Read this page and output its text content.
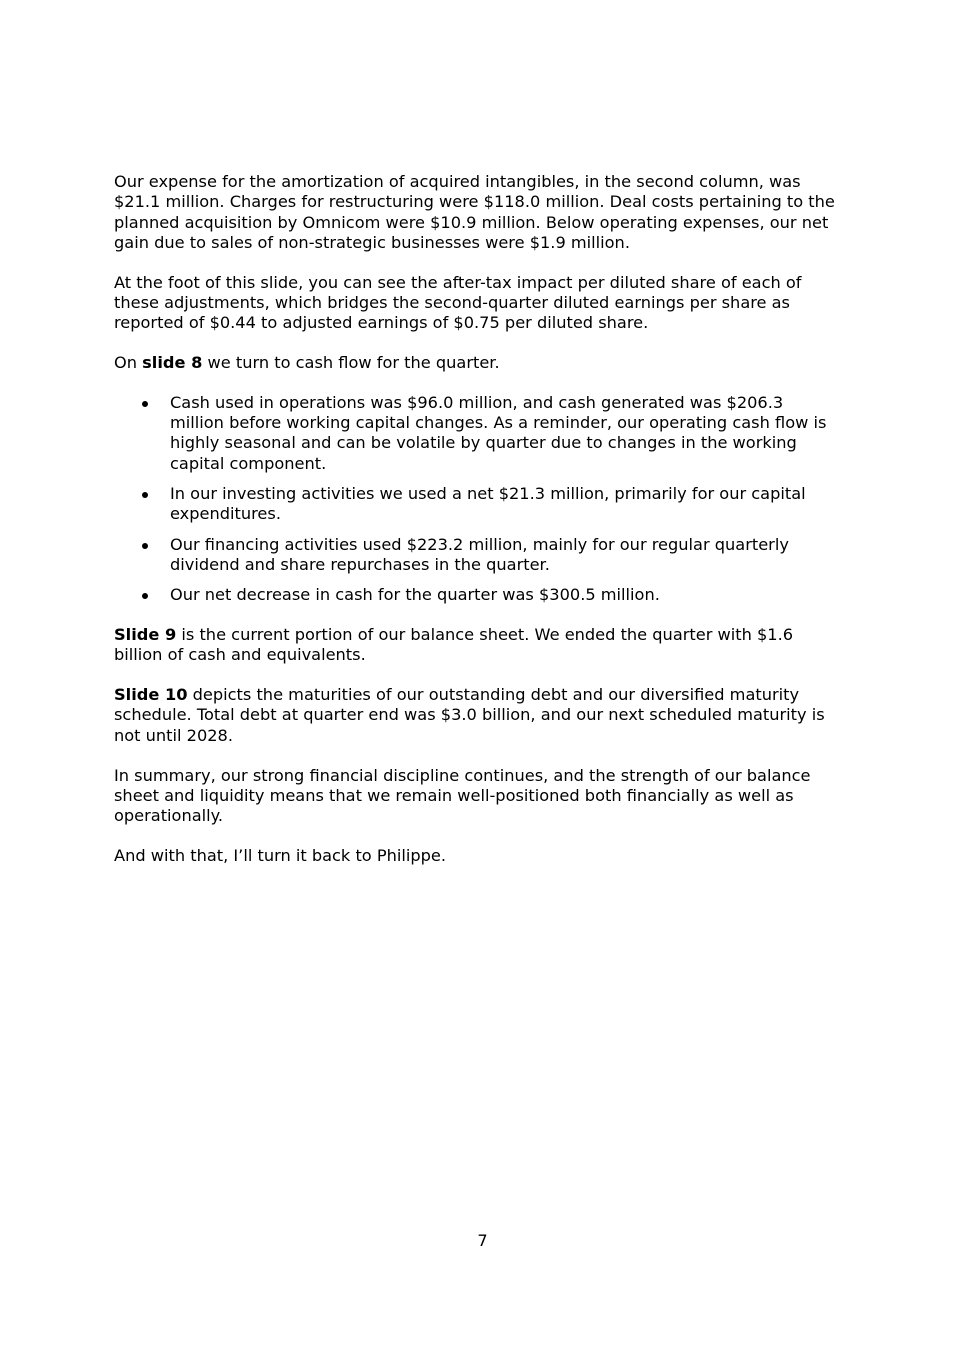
Our expense for the amortization of acquired intangibles, in the second column, was $21.1 million. Charges for restructuring were $118.0 million. Deal costs pertaining to the planned acquisition by Omnicom were $10.9 million. Below operating expenses, our net gain due to sales of non-strategic businesses were $1.9 million.

At the foot of this slide, you can see the after-tax impact per diluted share of each of these adjustments, which bridges the second-quarter diluted earnings per share as reported of $0.44 to adjusted earnings of $0.75 per diluted share.

On slide 8 we turn to cash flow for the quarter.

Cash used in operations was $96.0 million, and cash generated was $206.3 million before working capital changes. As a reminder, our operating cash flow is highly seasonal and can be volatile by quarter due to changes in the working capital component.
In our investing activities we used a net $21.3 million, primarily for our capital expenditures.
Our financing activities used $223.2 million, mainly for our regular quarterly dividend and share repurchases in the quarter.
Our net decrease in cash for the quarter was $300.5 million.

Slide 9 is the current portion of our balance sheet. We ended the quarter with $1.6 billion of cash and equivalents.

Slide 10 depicts the maturities of our outstanding debt and our diversified maturity schedule. Total debt at quarter end was $3.0 billion, and our next scheduled maturity is not until 2028.

In summary, our strong financial discipline continues, and the strength of our balance sheet and liquidity means that we remain well-positioned both financially as well as operationally.

And with that, I’ll turn it back to Philippe.

7
